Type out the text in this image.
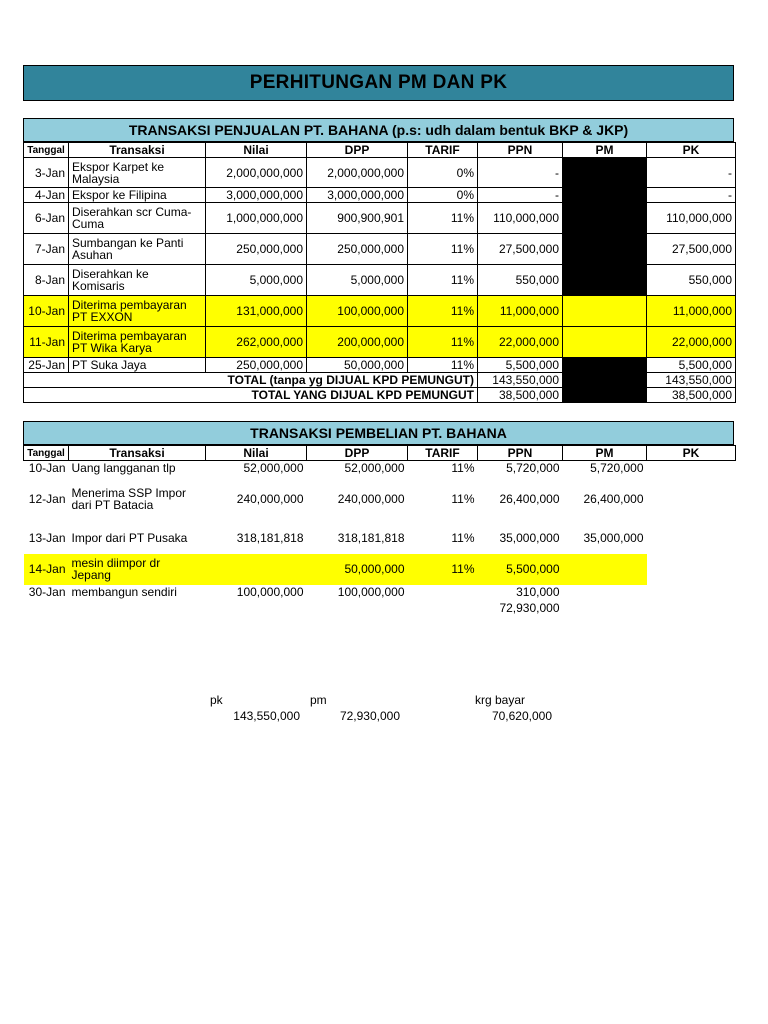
PERHITUNGAN PM DAN PK
TRANSAKSI PENJUALAN PT. BAHANA (p.s: udh dalam bentuk BKP & JKP)
Tanggal	Transaksi	Nilai	DPP	TARIF	PPN	PM	PK
3-Jan	Ekspor Karpet ke Malaysia	2,000,000,000	2,000,000,000	0%	-		-
4-Jan	Ekspor ke Filipina	3,000,000,000	3,000,000,000	0%	-		-
6-Jan	Diserahkan scr Cuma-Cuma	1,000,000,000	900,900,901	11%	110,000,000		110,000,000
7-Jan	Sumbangan ke Panti Asuhan	250,000,000	250,000,000	11%	27,500,000		27,500,000
8-Jan	Diserahkan ke Komisaris	5,000,000	5,000,000	11%	550,000		550,000
10-Jan	Diterima pembayaran PT EXXON	131,000,000	100,000,000	11%	11,000,000		11,000,000
11-Jan	Diterima pembayaran PT Wika Karya	262,000,000	200,000,000	11%	22,000,000		22,000,000
25-Jan	PT Suka Jaya	250,000,000	50,000,000	11%	5,500,000		5,500,000
TOTAL (tanpa yg DIJUAL KPD PEMUNGUT)					143,550,000		143,550,000
TOTAL YANG DIJUAL KPD PEMUNGUT					38,500,000		38,500,000
TRANSAKSI PEMBELIAN PT. BAHANA
Tanggal	Transaksi	Nilai	DPP	TARIF	PPN	PM	PK
10-Jan	Uang langganan tlp	52,000,000	52,000,000	11%	5,720,000	5,720,000	
12-Jan	Menerima SSP Impor dari PT Batacia	240,000,000	240,000,000	11%	26,400,000	26,400,000	
13-Jan	Impor dari PT Pusaka	318,181,818	318,181,818	11%	35,000,000	35,000,000	
14-Jan	mesin diimpor dr Jepang		50,000,000	11%	5,500,000		
30-Jan	membangun sendiri	100,000,000	100,000,000		310,000		
					72,930,000		
pk	pm	krg bayar
143,550,000	72,930,000	70,620,000
